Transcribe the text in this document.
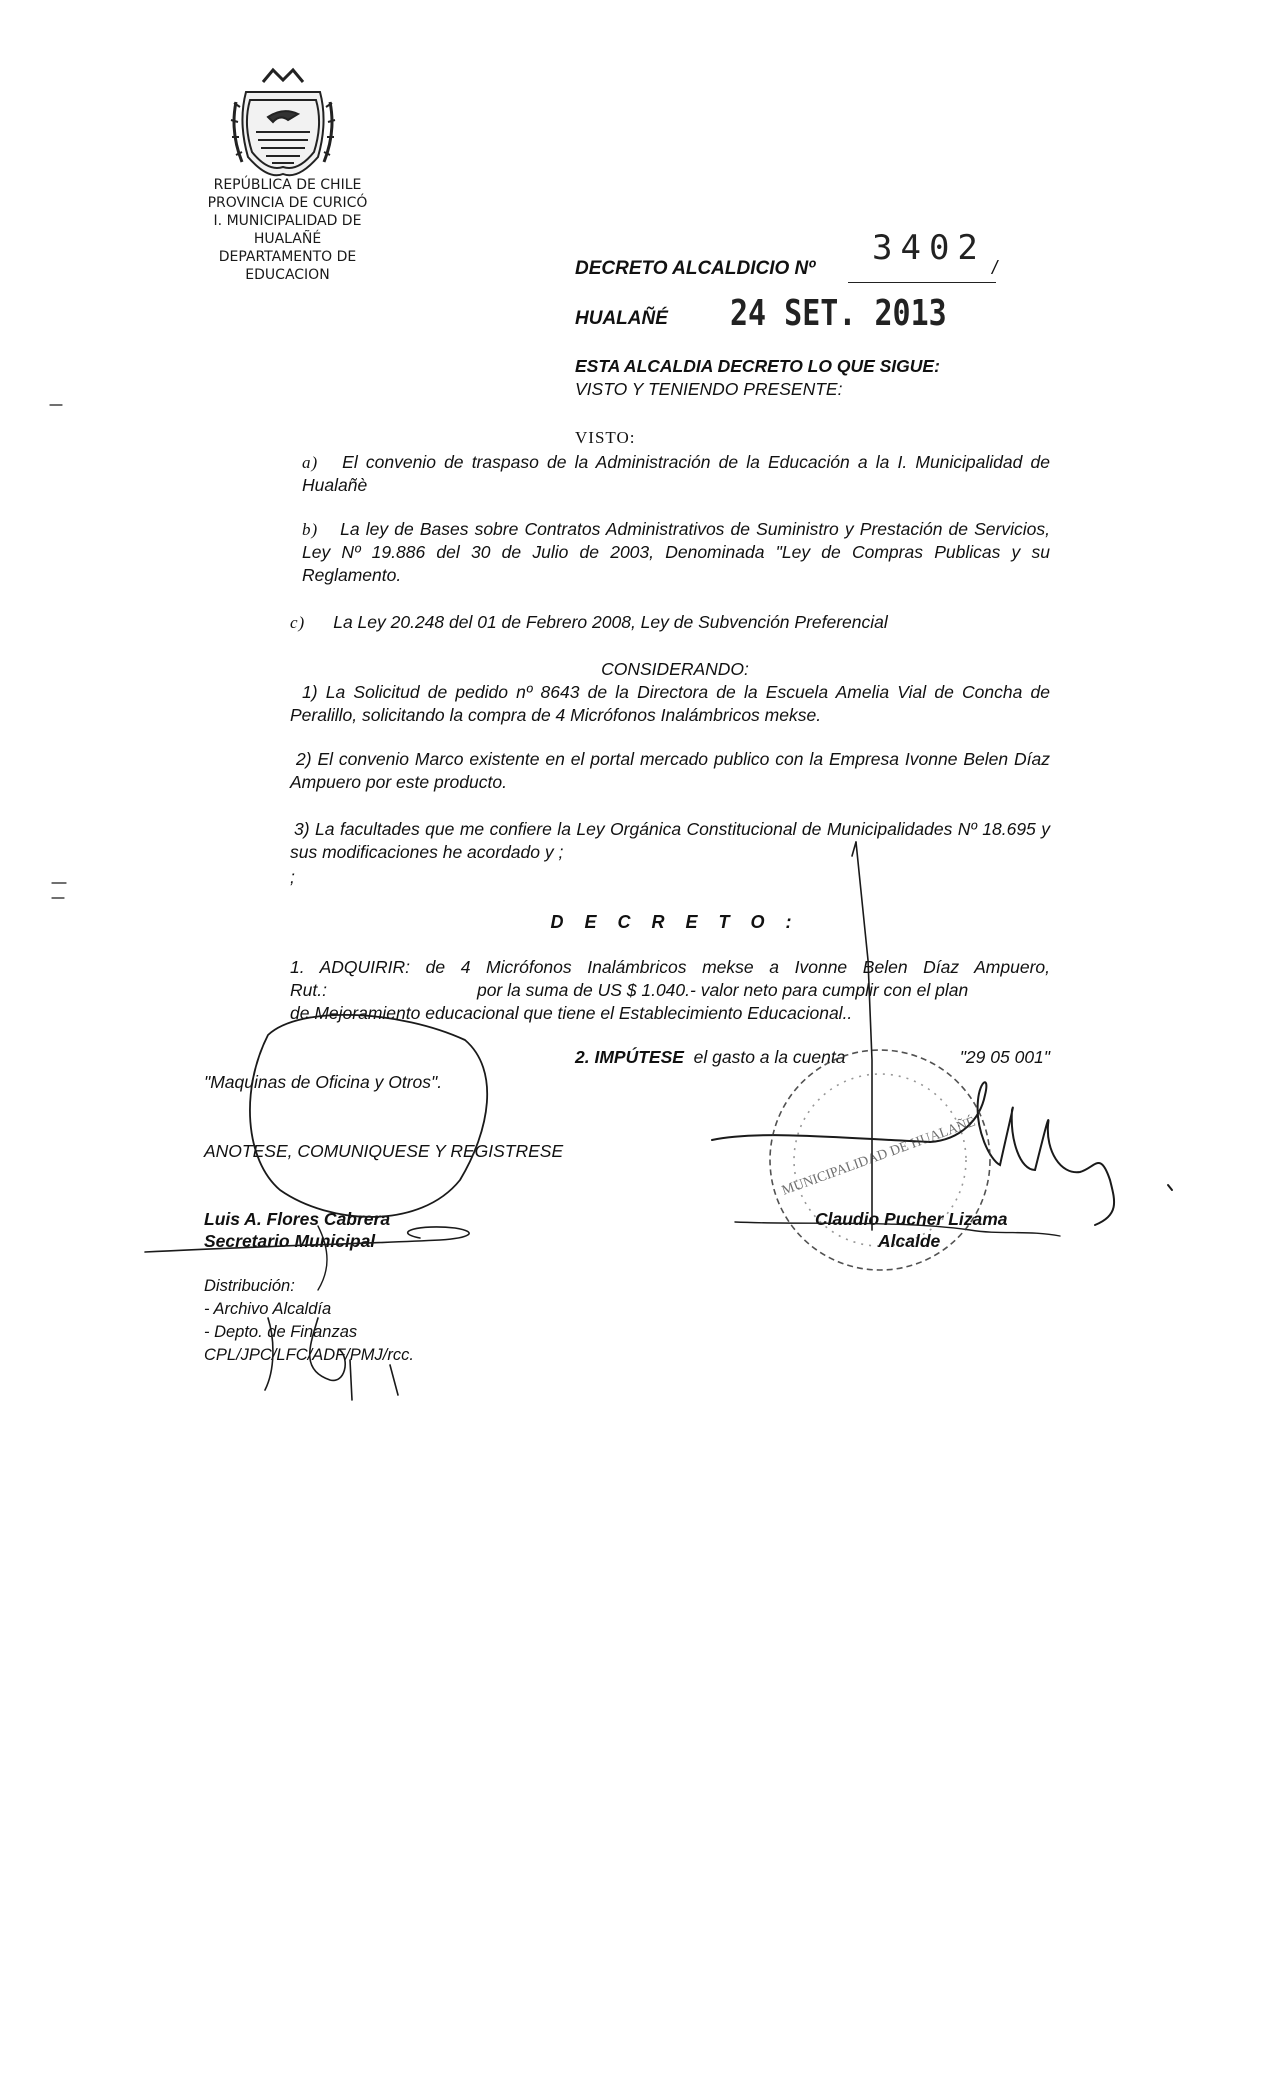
REPÚBLICA DE CHILE
PROVINCIA DE CURICÓ
I. MUNICIPALIDAD DE HUALAÑÉ
DEPARTAMENTO DE EDUCACION	DECRETO ALCALDICIO Nº
3402
/
HUALAÑÉ 24 SET. 2013
ESTA ALCALDIA DECRETO LO QUE SIGUE:
VISTO Y TENIENDO PRESENTE:
VISTO:
a) El convenio de traspaso de la Administración de la Educación a la I. Municipalidad de Hualañè
b) La ley de Bases sobre Contratos Administrativos de Suministro y Prestación de Servicios, Ley Nº 19.886 del 30 de Julio de 2003, Denominada "Ley de Compras Publicas y su Reglamento.
c) La Ley 20.248 del 01 de Febrero 2008, Ley de Subvención Preferencial
CONSIDERANDO:
1) La Solicitud de pedido nº 8643 de la Directora de la Escuela Amelia Vial de Concha de Peralillo, solicitando la compra de 4 Micrófonos Inalámbricos mekse.
2) El convenio Marco existente en el portal mercado publico con la Empresa Ivonne Belen Díaz Ampuero por este producto.
3) La facultades que me confiere la Ley Orgánica Constitucional de Municipalidades Nº 18.695 y sus modificaciones he acordado y ;
;
D E C R E T O :
1. ADQUIRIR: de 4 Micrófonos Inalámbricos mekse a Ivonne Belen Díaz Ampuero,
Rut.:	por la suma de US $ 1.040.- valor neto para cumplir con el plan
de Mejoramiento educacional que tiene el Establecimiento Educacional..
2. IMPÚTESE el gasto a la cuenta	"29 05 001"
"Maquinas de Oficina y Otros".
ANOTESE, COMUNIQUESE Y REGISTRESE
Luis A. Flores Cabrera
Secretario Municipal
Claudio Pucher Lizama
Alcalde
Distribución:
- Archivo Alcaldía
- Depto. de Finanzas
CPL/JPC/LFC/ADF/PMJ/rcc.
MUNICIPALIDAD DE HUALAÑÉ
